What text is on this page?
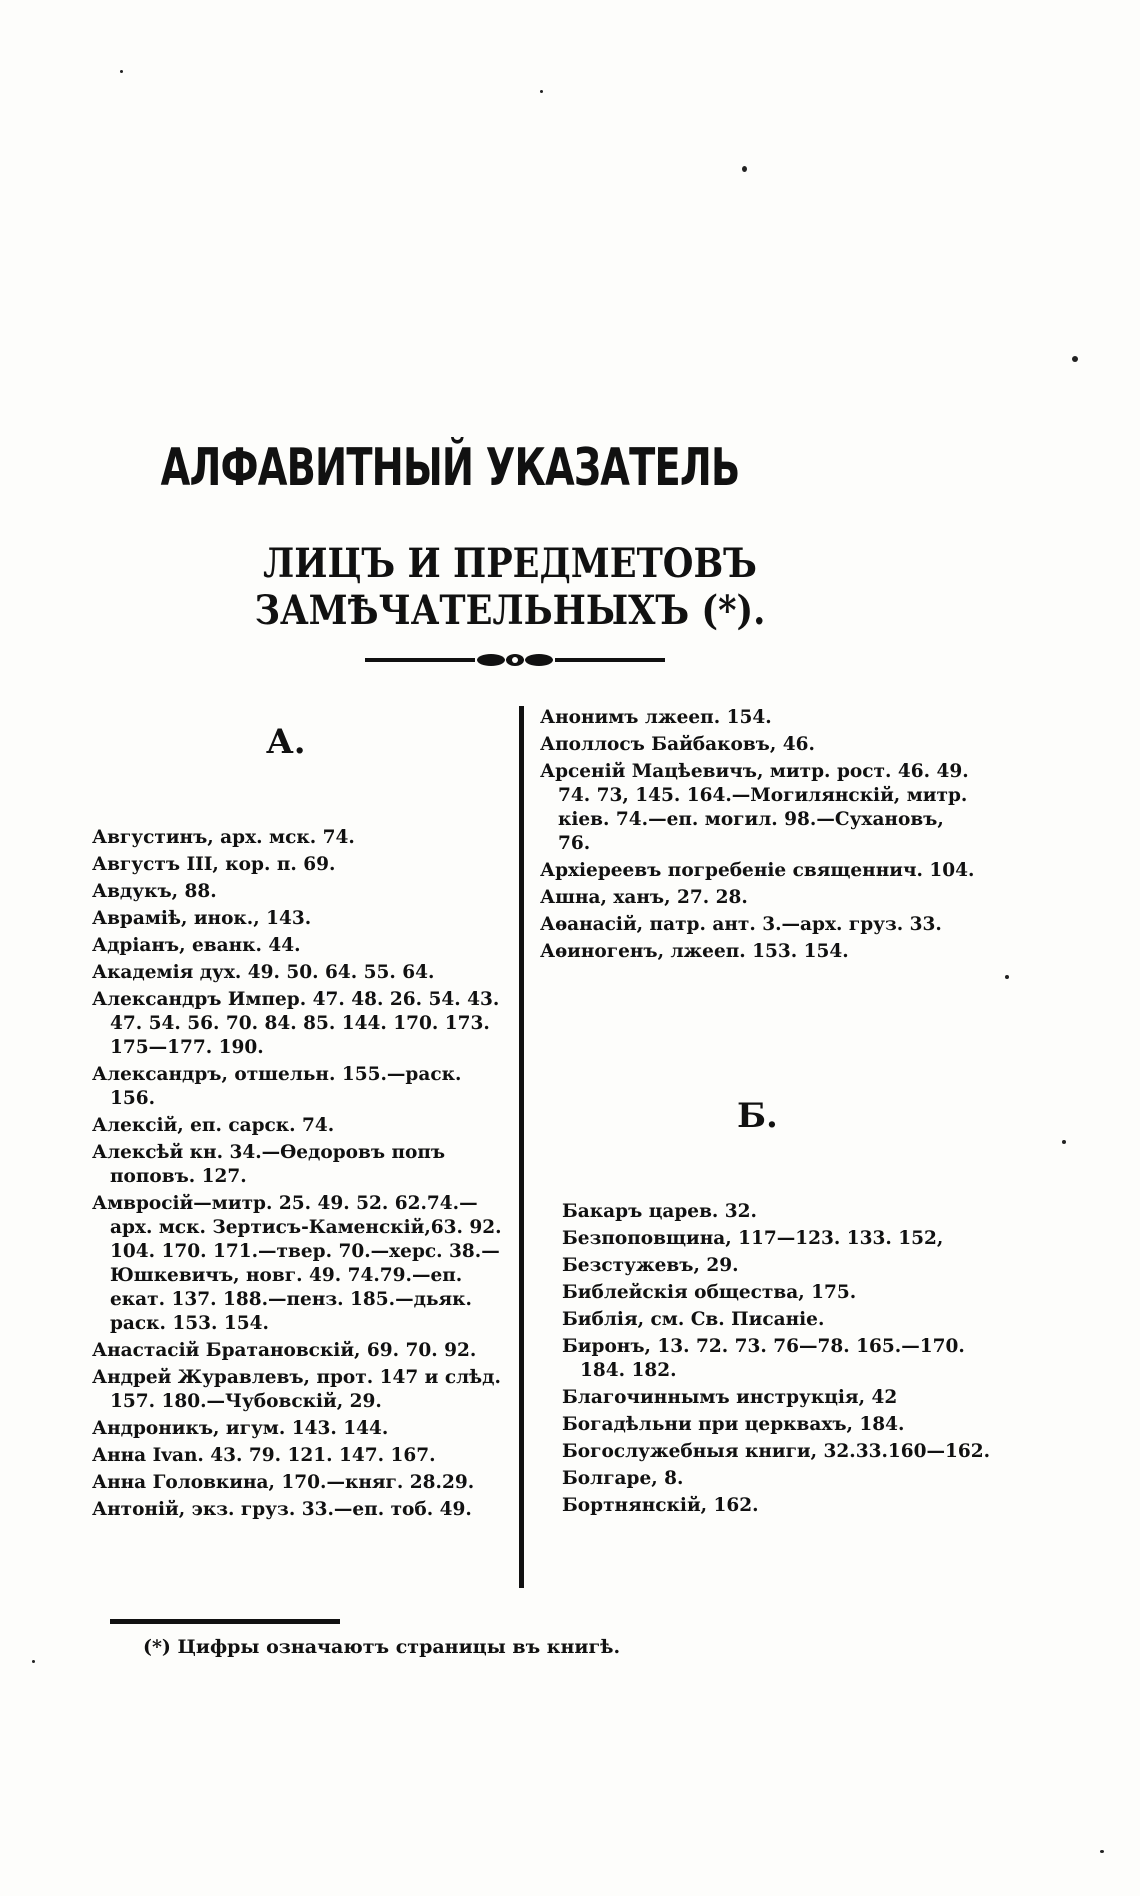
АЛФАВИТНЫЙ УКАЗАТЕЛЬ
ЛИЦЪ И ПРЕДМЕТОВЪ ЗАМѢЧАТЕЛЬНЫХЪ (*).
А.
Августинъ, арх. мск. 74.
Августъ III, кор. п. 69.
Авдукъ, 88.
Авраміѣ, инок., 143.
Адріанъ, еванк. 44.
Академія дух. 49. 50. 64. 55. 64.
Александръ Импер. 47. 48. 26. 54. 43. 47. 54. 56. 70. 84. 85. 144. 170. 173. 175—177. 190.
Александръ, отшельн. 155.—раск. 156.
Алексій, еп. сарск. 74.
Алексѣй кн. 34.—Ѳедоровъ попъ поповъ. 127.
Амвросій—митр. 25. 49. 52. 62.74.—арх. мск. Зертисъ-Каменскій,63. 92. 104. 170. 171.—твер. 70.—херс. 38.—Юшкевичъ, новг. 49. 74.79.—еп. екат. 137. 188.—пенз. 185.—дьяк. раск. 153. 154.
Анастасій Братановскій, 69. 70. 92.
Андрей Журавлевъ, прот. 147 и слѣд. 157. 180.—Чубовскій, 29.
Андроникъ, игум. 143. 144.
Анна Ivan. 43. 79. 121. 147. 167.
Анна Головкина, 170.—княг. 28.29.
Антоній, экз. груз. 33.—еп. тоб. 49.
Анонимъ лжееп. 154.
Аполлосъ Байбаковъ, 46.
Арсеній Мацѣевичъ, митр. рост. 46. 49. 74. 73, 145. 164.—Могилянскій, митр. кіев. 74.—еп. могил. 98.—Сухановъ, 76.
Архіереевъ погребеніе священнич. 104.
Ашна, ханъ, 27. 28.
Аѳанасій, патр. ант. 3.—арх. груз. 33.
Аѳиногенъ, лжееп. 153. 154.
Б.
Бакаръ царев. 32.
Безпоповщина, 117—123. 133. 152,
Безстужевъ, 29.
Библейскія общества, 175.
Библія, см. Св. Писаніе.
Биронъ, 13. 72. 73. 76—78. 165.—170. 184. 182.
Благочиннымъ инструкція, 42
Богадѣльни при церквахъ, 184.
Богослужебныя книги, 32.33.160—162.
Болгаре, 8.
Бортнянскій, 162.
(*) Цифры означаютъ страницы въ книгѣ.
